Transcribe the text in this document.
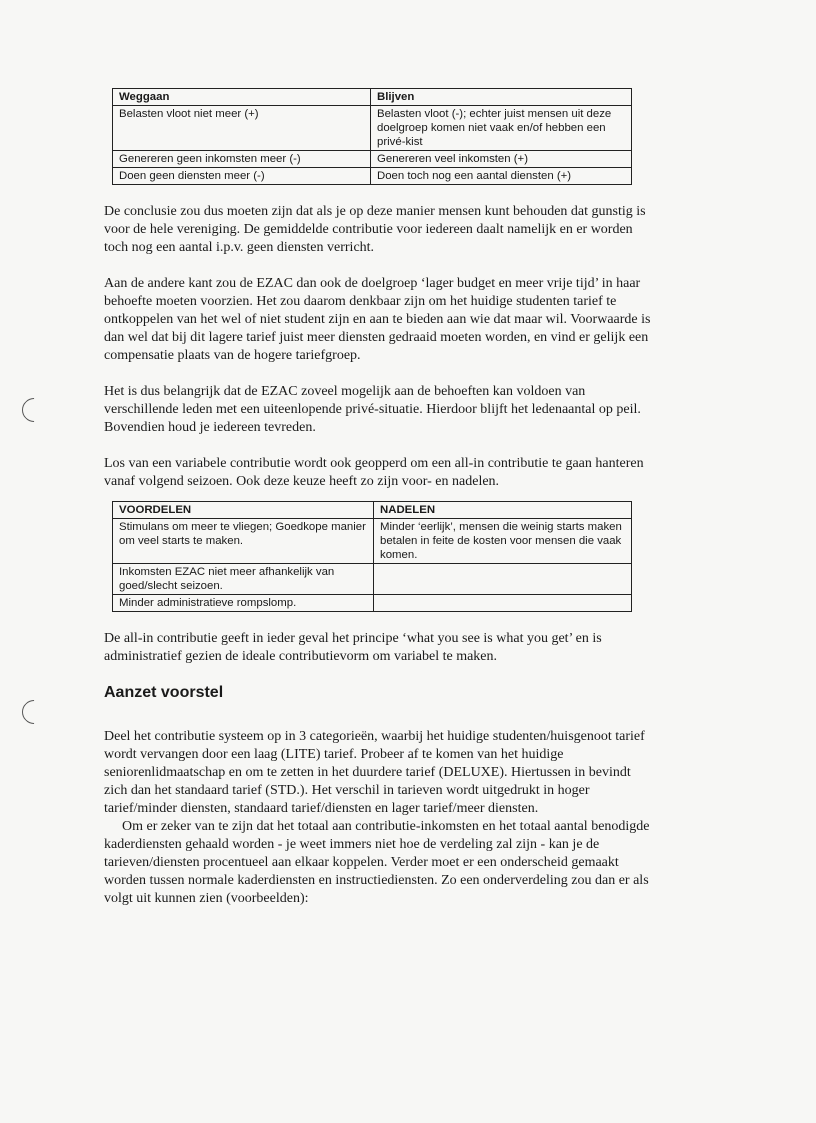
Weggaan	Blijven
Belasten vloot niet meer (+)	Belasten vloot (-); echter juist mensen uit deze doelgroep komen niet vaak en/of hebben een privé-kist
Genereren geen inkomsten meer (-)	Genereren veel inkomsten (+)
Doen geen diensten meer (-)	Doen toch nog een aantal diensten (+)

De conclusie zou dus moeten zijn dat als je op deze manier mensen kunt behouden dat gunstig is voor de hele vereniging. De gemiddelde contributie voor iedereen daalt namelijk en er worden toch nog een aantal i.p.v. geen diensten verricht.

Aan de andere kant zou de EZAC dan ook de doelgroep ‘lager budget en meer vrije tijd’ in haar behoefte moeten voorzien. Het zou daarom denkbaar zijn om het huidige studenten tarief te ontkoppelen van het wel of niet student zijn en aan te bieden aan wie dat maar wil. Voorwaarde is dan wel dat bij dit lagere tarief juist meer diensten gedraaid moeten worden, en vind er gelijk een compensatie plaats van de hogere tariefgroep.

Het is dus belangrijk dat de EZAC zoveel mogelijk aan de behoeften kan voldoen van verschillende leden met een uiteenlopende privé-situatie. Hierdoor blijft het ledenaantal op peil. Bovendien houd je iedereen tevreden.

Los van een variabele contributie wordt ook geopperd om een all-in contributie te gaan hanteren vanaf volgend seizoen. Ook deze keuze heeft zo zijn voor- en nadelen.

VOORDELEN	NADELEN
Stimulans om meer te vliegen; Goedkope manier om veel starts te maken.	Minder ‘eerlijk’, mensen die weinig starts maken betalen in feite de kosten voor mensen die vaak komen.
Inkomsten EZAC niet meer afhankelijk van goed/slecht seizoen.	
Minder administratieve rompslomp.	

De all-in contributie geeft in ieder geval het principe ‘what you see is what you get’ en is administratief gezien de ideale contributievorm om variabel te maken.

Aanzet voorstel

Deel het contributie systeem op in 3 categorieën, waarbij het huidige studenten/huisgenoot tarief wordt vervangen door een laag (LITE) tarief. Probeer af te komen van het huidige seniorenlidmaatschap en om te zetten in het duurdere tarief (DELUXE). Hiertussen in bevindt zich dan het standaard tarief (STD.). Het verschil in tarieven wordt uitgedrukt in hoger tarief/minder diensten, standaard tarief/diensten en lager tarief/meer diensten.

Om er zeker van te zijn dat het totaal aan contributie-inkomsten en het totaal aantal benodigde kaderdiensten gehaald worden - je weet immers niet hoe de verdeling zal zijn - kan je de tarieven/diensten procentueel aan elkaar koppelen. Verder moet er een onderscheid gemaakt worden tussen normale kaderdiensten en instructiediensten. Zo een onderverdeling zou dan er als volgt uit kunnen zien (voorbeelden):
